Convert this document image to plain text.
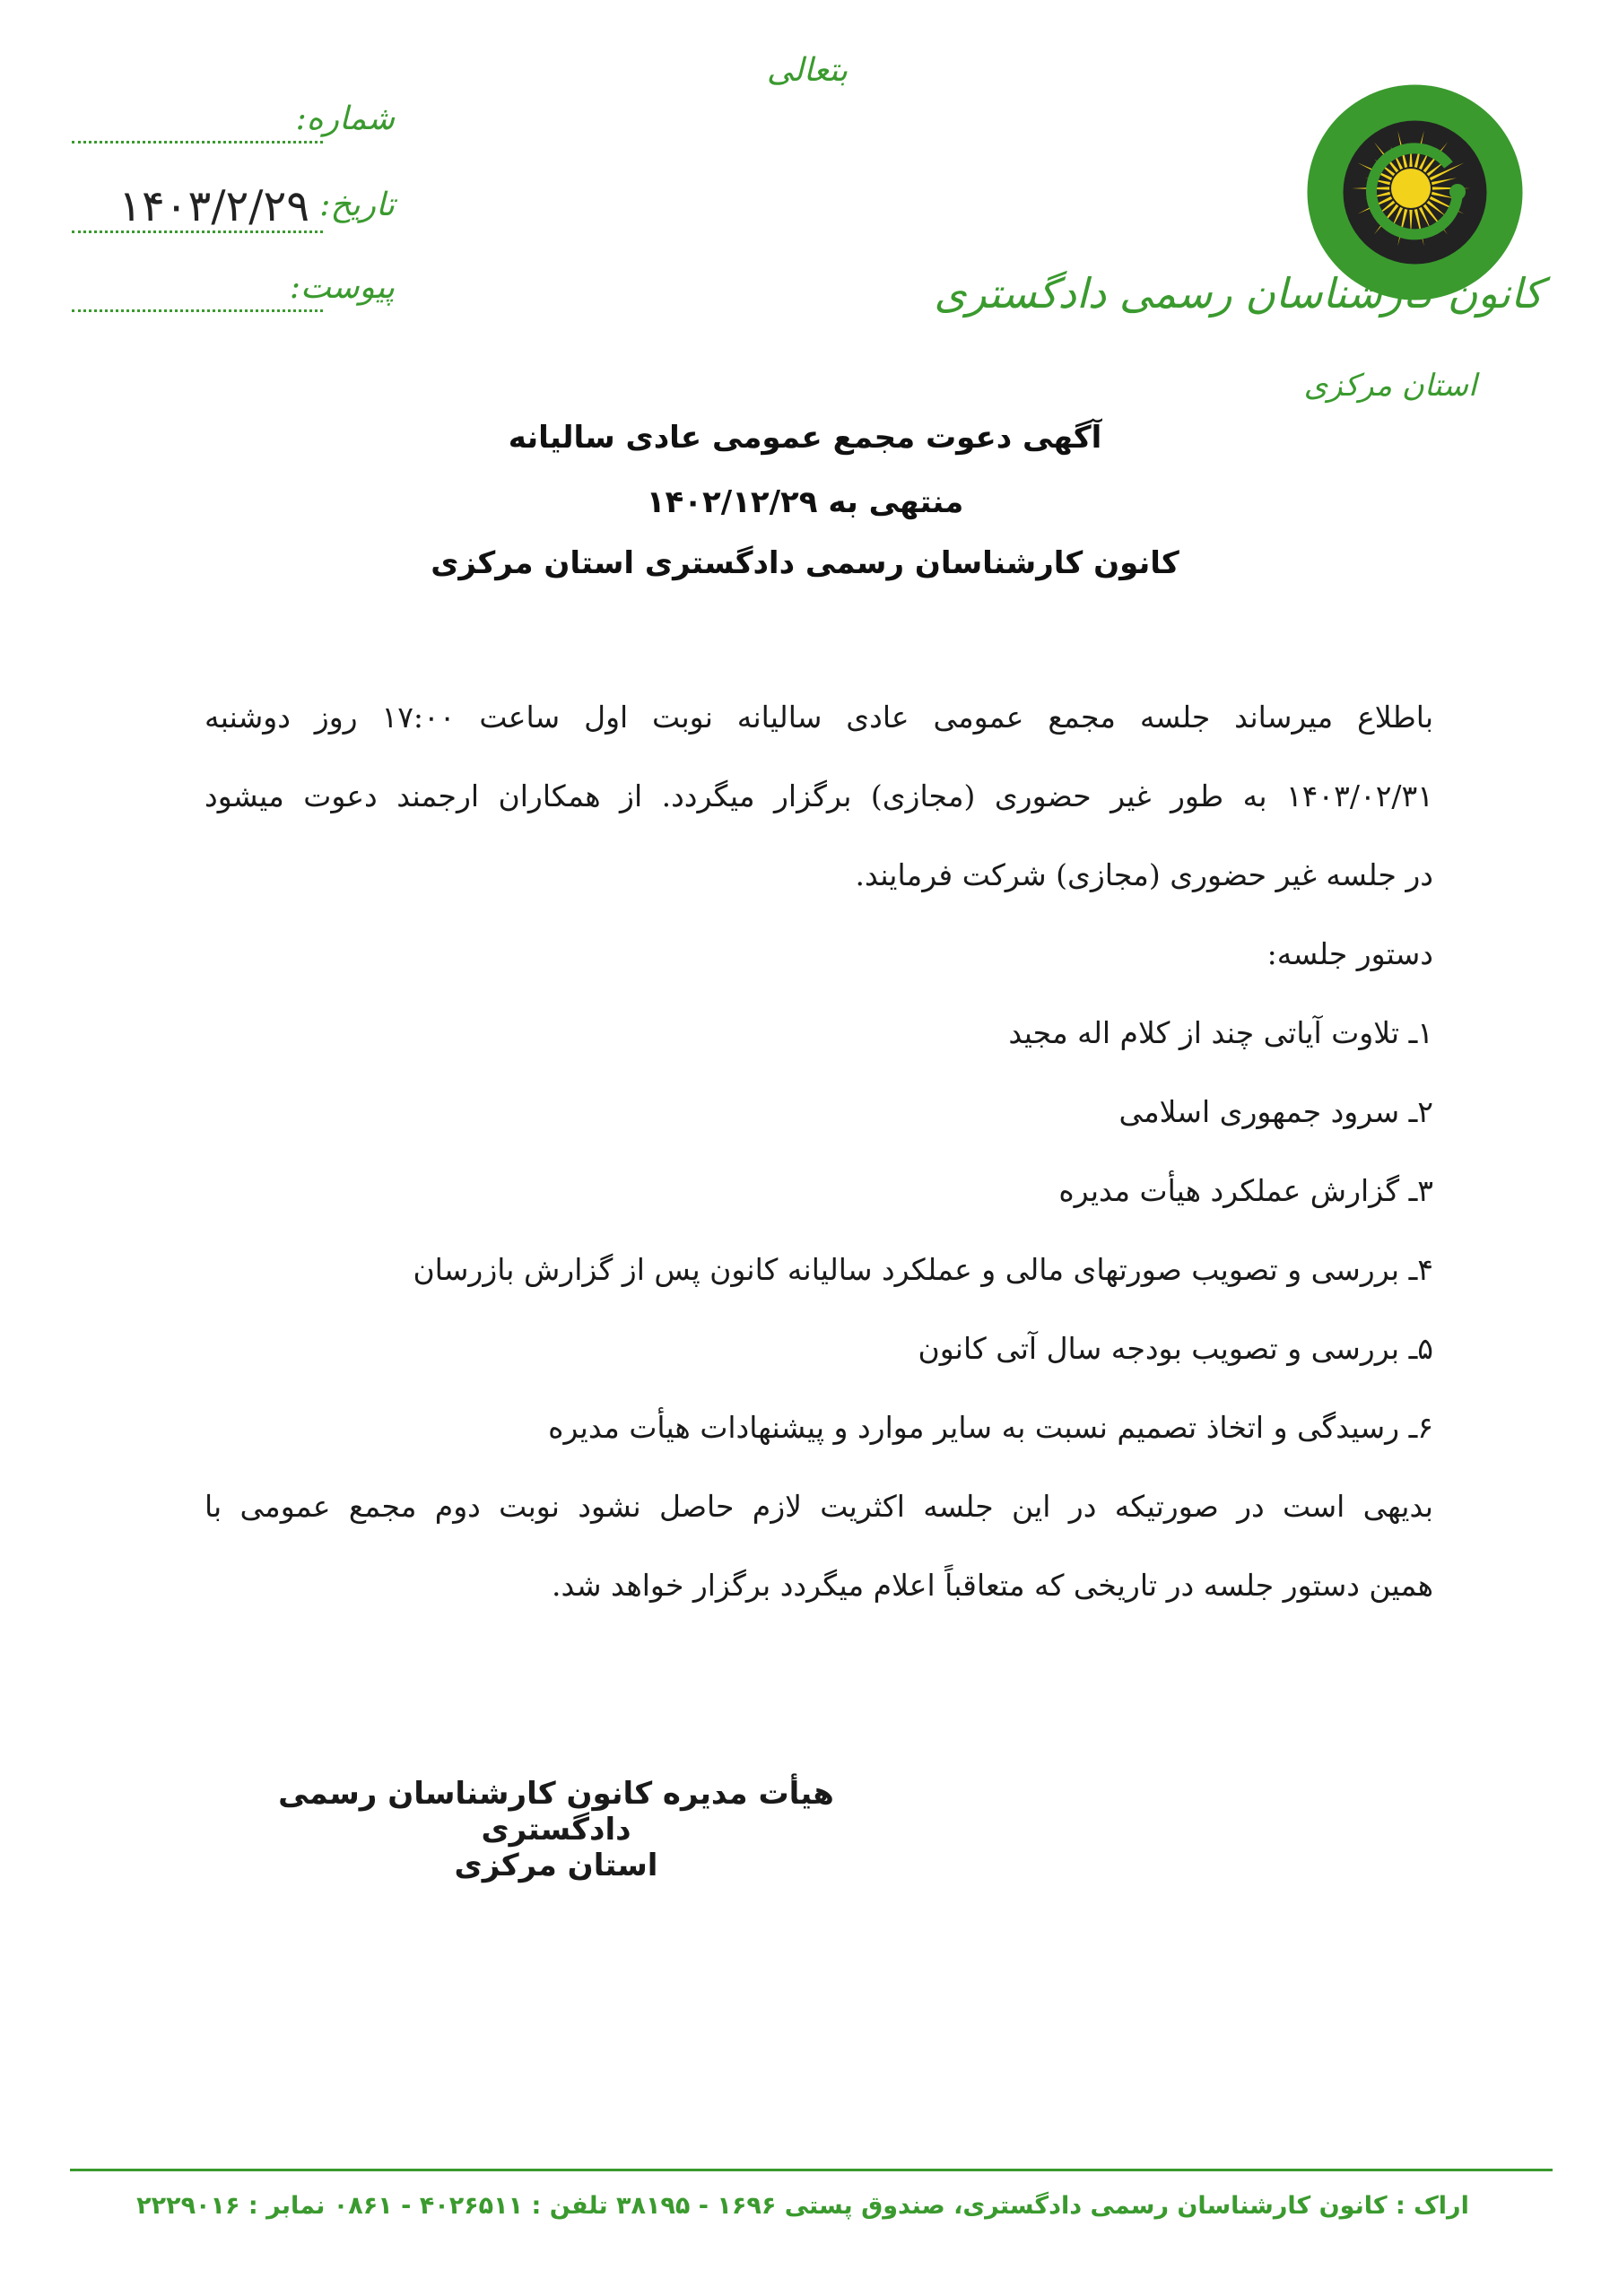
بتعالی
کانون کارشناسان رسمی دادگستری
استان مرکزی
شماره:
تاریخ:
۱۴۰۳/۲/۲۹
پیوست:
آگهی دعوت مجمع عمومی عادی سالیانه
منتهی به ۱۴۰۲/۱۲/۲۹
کانون کارشناسان رسمی دادگستری استان مرکزی
باطلاع میرساند جلسه مجمع عمومی عادی سالیانه نوبت اول ساعت ۱۷:۰۰ روز دوشنبه
۱۴۰۳/۰۲/۳۱ به طور غیر حضوری (مجازی) برگزار میگردد. از همکاران ارجمند دعوت میشود
در جلسه غیر حضوری (مجازی) شرکت فرمایند.
دستور جلسه:
۱ـ تلاوت آیاتی چند از کلام اله مجید
۲ـ سرود جمهوری اسلامی
۳ـ گزارش عملکرد هیأت مدیره
۴ـ بررسی و تصویب صورتهای مالی و عملکرد سالیانه کانون پس از گزارش بازرسان
۵ـ بررسی و تصویب بودجه سال آتی کانون
۶ـ رسیدگی و اتخاذ تصمیم نسبت به سایر موارد و پیشنهادات هیأت مدیره
بدیهی است در صورتیکه در این جلسه اکثریت لازم حاصل نشود نوبت دوم مجمع عمومی با
همین دستور جلسه در تاریخی که متعاقباً اعلام میگردد برگزار خواهد شد.
هیأت مدیره کانون کارشناسان رسمی دادگستری
استان مرکزی
اراک : کانون کارشناسان رسمی دادگستری، صندوق پستی ۱۶۹۶ - ۳۸۱۹۵ تلفن : ۴۰۲۶۵۱۱ - ۰۸۶۱ نمابر : ۲۲۲۹۰۱۶
